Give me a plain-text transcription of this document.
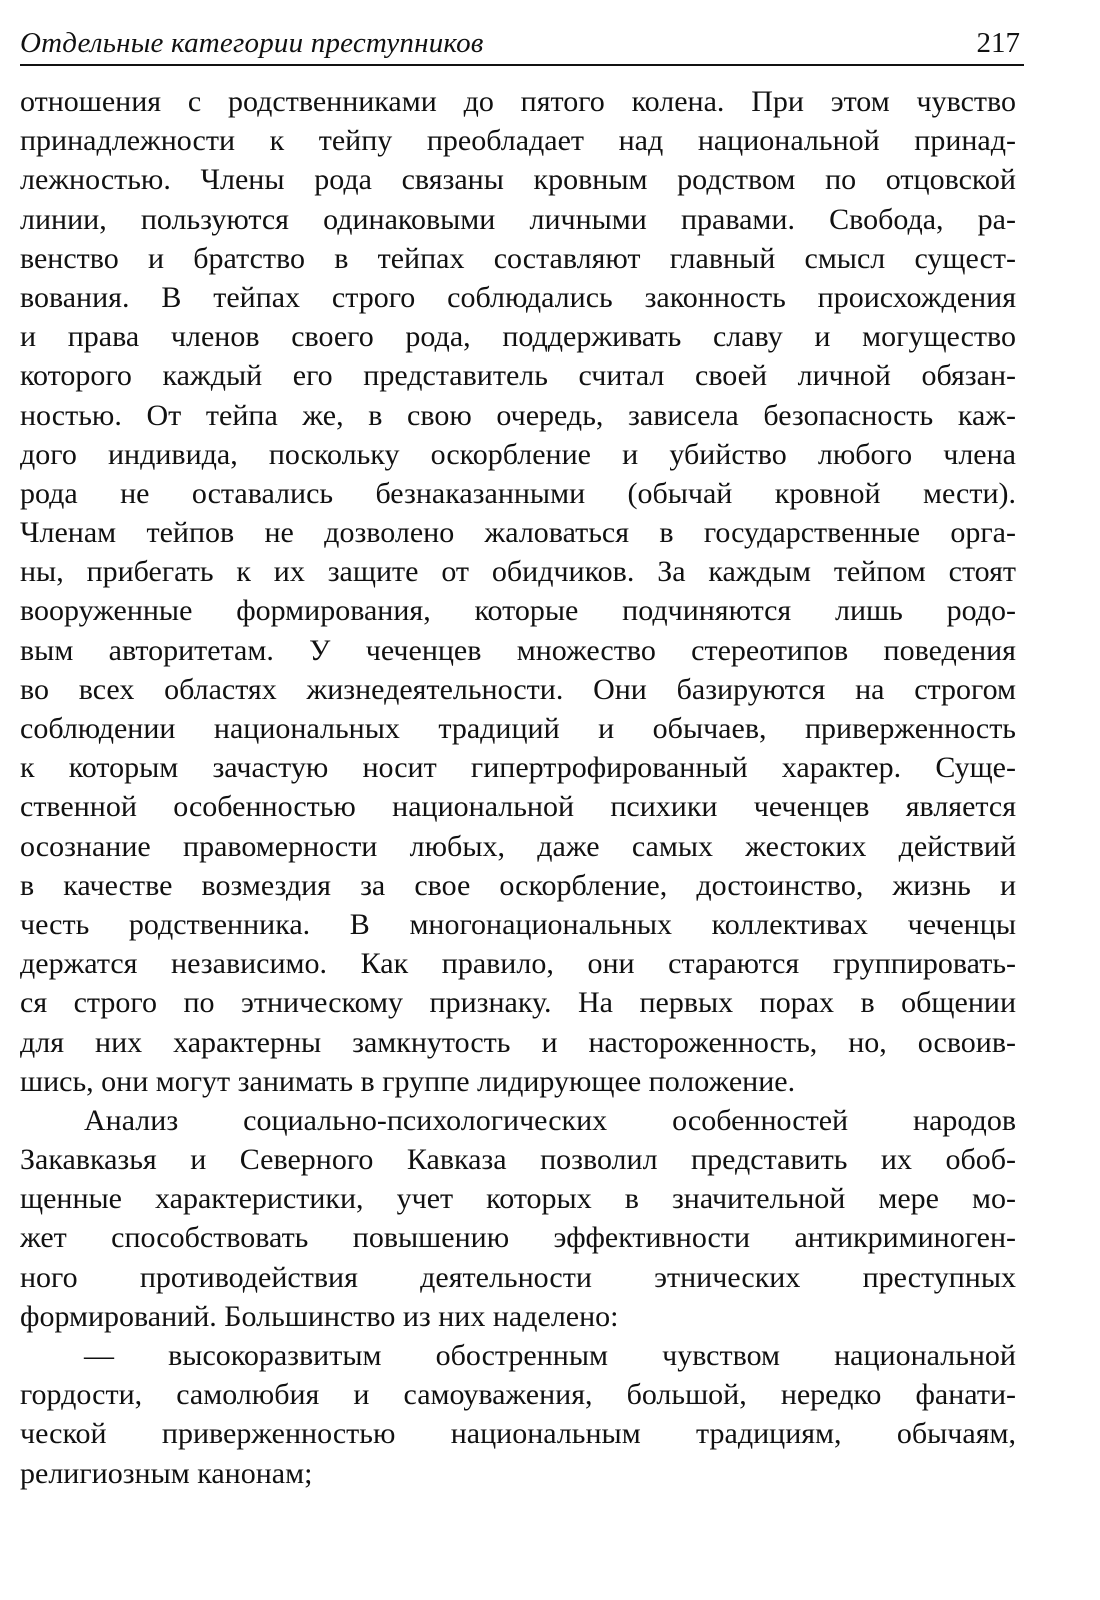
Отдельные категории преступников	217
отношения с родственниками до пятого колена. При этом чувство
принадлежности к тейпу преобладает над национальной принад-
лежностью. Члены рода связаны кровным родством по отцовской
линии, пользуются одинаковыми личными правами. Свобода, ра-
венство и братство в тейпах составляют главный смысл сущест-
вования. В тейпах строго соблюдались законность происхождения
и права членов своего рода, поддерживать славу и могущество
которого каждый его представитель считал своей личной обязан-
ностью. От тейпа же, в свою очередь, зависела безопасность каж-
дого индивида, поскольку оскорбление и убийство любого члена
рода не оставались безнаказанными (обычай кровной мести).
Членам тейпов не дозволено жаловаться в государственные орга-
ны, прибегать к их защите от обидчиков. За каждым тейпом стоят
вооруженные формирования, которые подчиняются лишь родо-
вым авторитетам. У чеченцев множество стереотипов поведения
во всех областях жизнедеятельности. Они базируются на строгом
соблюдении национальных традиций и обычаев, приверженность
к которым зачастую носит гипертрофированный характер. Суще-
ственной особенностью национальной психики чеченцев является
осознание правомерности любых, даже самых жестоких действий
в качестве возмездия за свое оскорбление, достоинство, жизнь и
честь родственника. В многонациональных коллективах чеченцы
держатся независимо. Как правило, они стараются группировать-
ся строго по этническому признаку. На первых порах в общении
для них характерны замкнутость и настороженность, но, освоив-
шись, они могут занимать в группе лидирующее положение.
Анализ социально-психологических особенностей народов
Закавказья и Северного Кавказа позволил представить их обоб-
щенные характеристики, учет которых в значительной мере мо-
жет способствовать повышению эффективности антикриминоген-
ного противодействия деятельности этнических преступных
формирований. Большинство из них наделено:
— высокоразвитым обостренным чувством национальной
гордости, самолюбия и самоуважения, большой, нередко фанати-
ческой приверженностью национальным традициям, обычаям,
религиозным канонам;
